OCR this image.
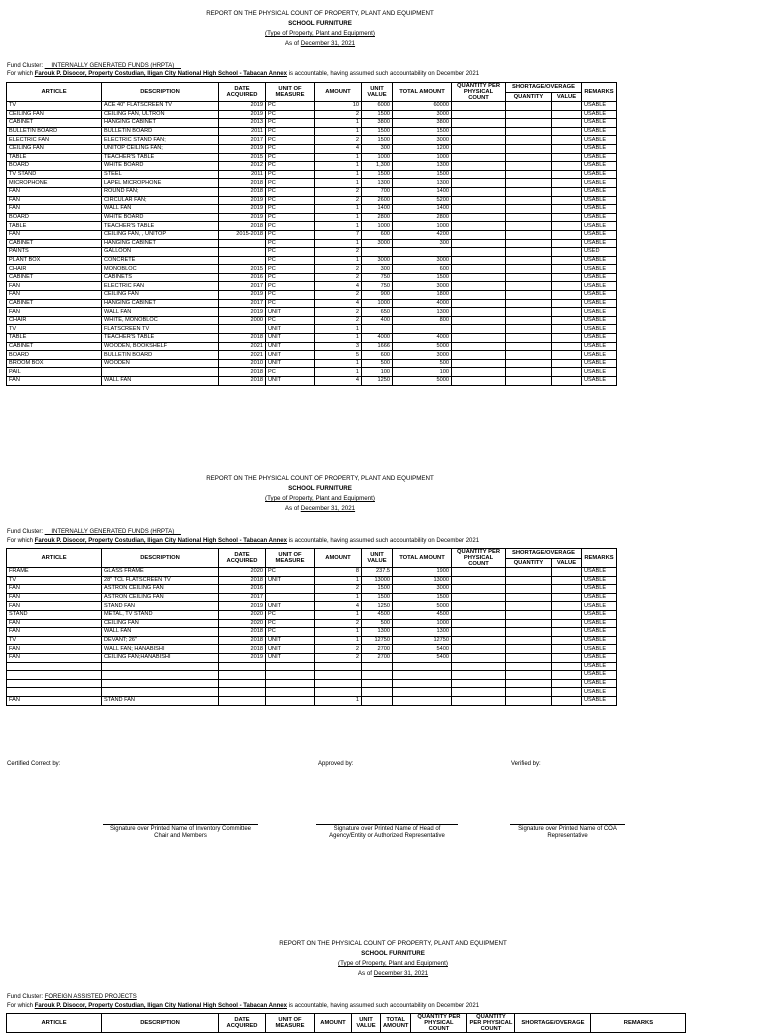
REPORT ON THE PHYSICAL COUNT OF PROPERTY, PLANT AND EQUIPMENT
SCHOOL FURNITURE
(Type of Property, Plant and Equipment)
As of December 31, 2021
Fund Cluster: __INTERNALLY GENERATED FUNDS (HRPTA)__
For which Farouk P. Disocor, Property Costudian, Iligan City National High School - Tabacan Annex is accountable, having assumed such accountability on December 2021
ARTICLE	DESCRIPTION	DATE ACQUIRED	UNIT OF MEASURE	AMOUNT	UNIT VALUE	TOTAL AMOUNT	QUANTITY PER PHYSICAL COUNT	SHORTAGE/OVERAGE		REMARKS
								QUANTITY	VALUE	
TV	ACE 40" FLATSCREEN TV	2019	PC	10	6000	60000				USABLE
CEILING FAN	CEILING FAN, ULTRON	2019	PC	2	1500	3000				USABLE
CABINET	HANGING CABINET	2013	PC	1	3800	3800				USABLE
BULLETIN BOARD	BULLETIN BOARD	2011	PC	1	1500	1500				USABLE
ELECTRIC FAN	ELECTRIC STAND FAN;	2017	PC	2	1500	3000				USABLE
CEILING FAN	UNITOP CEILING FAN;	2019	PC	4	300	1200				USABLE
TABLE	TEACHER'S TABLE	2015	PC	1	1000	1000				USABLE
BOARD	WHITE BOARD	2012	PC	1	1,300	1300				USABLE
TV STAND	STEEL	2011	PC	1	1500	1500				USABLE
MICROPHONE	LAPEL MICROPHONE	2018	PC	1	1300	1300				USABLE
FAN	ROUND FAN;	2018	PC	2	700	1400				USABLE
FAN	CIRCULAR FAN;	2019	PC	2	2600	5200				USABLE
FAN	WALL FAN	2019	PC	1	1400	1400				USABLE
BOARD	WHITE BOARD	2019	PC	1	2800	2800				USABLE
TABLE	TEACHER'S TABLE	2018	PC	1	1000	1000				USABLE
FAN	CEILING FAN, , UNITOP	2015-2018	PC	7	600	4200				USABLE
CABINET	HANGING CABINET		PC	1	3000	300				USABLE
PAINTS	GALLOON		PC	2						USED
PLANT BOX	CONCRETE		PC	1	3000	3000				USABLE
CHAIR	MONOBLOC	2015	PC	2	300	600				USABLE
CABINET	CABINETS	2016	PC	2	750	1500				USABLE
FAN	ELECTRIC FAN	2017	PC	4	750	3000				USABLE
FAN	CEILING FAN	2019	PC	2	900	1800				USABLE
CABINET	HANGING CABINET	2017	PC	4	1000	4000				USABLE
FAN	WALL FAN	2019	UNIT	2	650	1300				USABLE
CHAIR	WHITE, MONOBLOC	2000	PC	2	400	800				USABLE
TV	FLATSCREEN TV		UNIT	1						USABLE
TABLE	TEACHER'S TABLE	2018	UNIT	1	4000	4000				USABLE
CABINET	WOODEN, BOOKSHELF	2021	UNIT	3	1666	5000				USABLE
BOARD	BULLETIN BOARD	2021	UNIT	5	600	3000				USABLE
BROOM BOX	WOODEN	2010	UNIT	1	500	500				USABLE
PAIL		2018	PC	1	100	100				USABLE
FAN	WALL FAN	2018	UNIT	4	1250	5000				USABLE
REPORT ON THE PHYSICAL COUNT OF PROPERTY, PLANT AND EQUIPMENT
SCHOOL FURNITURE
(Type of Property, Plant and Equipment)
As of December 31, 2021
Fund Cluster: __INTERNALLY GENERATED FUNDS (HRPTA)__
For which Farouk P. Disocor, Property Costudian, Iligan City National High School - Tabacan Annex is accountable, having assumed such accountability on December 2021
ARTICLE	DESCRIPTION	DATE ACQUIRED	UNIT OF MEASURE	AMOUNT	UNIT VALUE	TOTAL AMOUNT	QUANTITY PER PHYSICAL COUNT	SHORTAGE/OVERAGE		REMARKS
								QUANTITY	VALUE	
FRAME	GLASS FRAME	2020	PC	8	237.5	1900				USABLE
TV	28" TCL FLATSCREEN TV	2018	UNIT	1	13000	13000				USABLE
FAN	ASTRON CEILING FAN	2016		2	1500	3000				USABLE
FAN	ASTRON CEILING FAN	2017		1	1500	1500				USABLE
FAN	STAND FAN	2019	UNIT	4	1250	5000				USABLE
STAND	METAL, TV STAND	2020	PC	1	4500	4500				USABLE
FAN	CEILING FAN	2020	PC	2	500	1000				USABLE
FAN	WALL FAN	2018	PC	1	1300	1300				USABLE
TV	DEVANT; 26"	2018	UNIT	1	12750	12750				USABLE
FAN	WALL FAN; HANABISHI	2018	UNIT	2	2700	5400				USABLE
FAN	CEILING FAN;HANABISHI	2019	UNIT	2	2700	5400				USABLE
										USABLE
										USABLE
										USABLE
										USABLE
FAN	STAND FAN			1						USABLE
Certified Correct by:	Approved by:	Verified by:
Signature over Printed Name of Inventory Committee Chair and Members
Signature over Printed Name of Head of Agency/Entity or Authorized Representative
Signature over Printed Name of COA Representative
REPORT ON THE PHYSICAL COUNT OF PROPERTY, PLANT AND EQUIPMENT
SCHOOL FURNITURE
(Type of Property, Plant and Equipment)
As of December 31, 2021
Fund Cluster: FOREIGN ASSISTED PROJECTS
For which Farouk P. Disocor, Property Costudian, Iligan City National High School - Tabacan Annex is accountable, having assumed such accountability on December 2021
ARTICLE	DESCRIPTION	DATE ACQUIRED	UNIT OF MEASURE	AMOUNT	UNIT VALUE	TOTAL AMOUNT	QUANTITY PER PHYSICAL COUNT	QUANTITY PER PHYSICAL COUNT	SHORTAGE/OVERAGE	REMARKS
